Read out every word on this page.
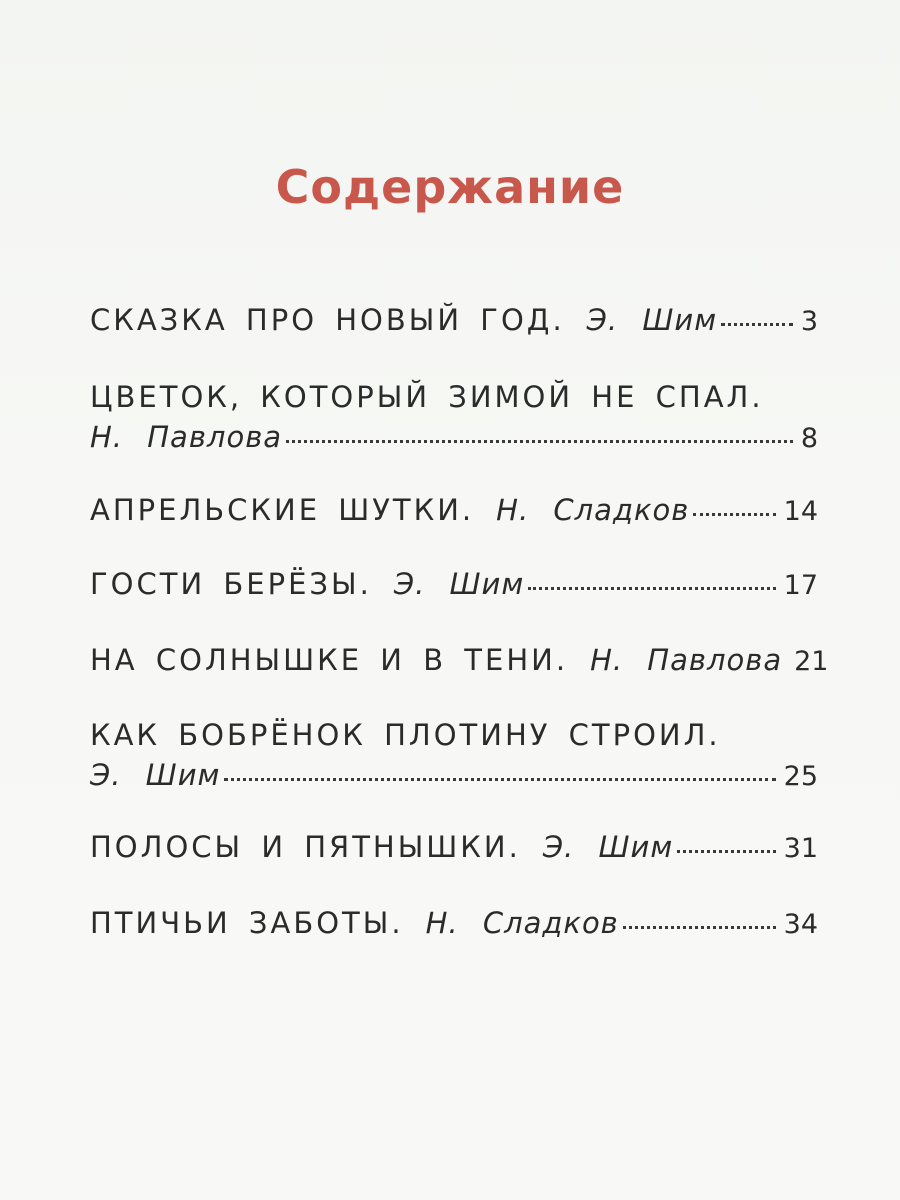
Содержание
СКАЗКА ПРО НОВЫЙ ГОД. Э. Шим	3
ЦВЕТОК, КОТОРЫЙ ЗИМОЙ НЕ СПАЛ.
Н. Павлова	8
АПРЕЛЬСКИЕ ШУТКИ. Н. Сладков	14
ГОСТИ БЕРЁЗЫ. Э. Шим	17
НА СОЛНЫШКЕ И В ТЕНИ. Н. Павлова 21
КАК БОБРЁНОК ПЛОТИНУ СТРОИЛ.
Э. Шим	25
ПОЛОСЫ И ПЯТНЫШКИ. Э. Шим	31
ПТИЧЬИ ЗАБОТЫ. Н. Сладков	34
